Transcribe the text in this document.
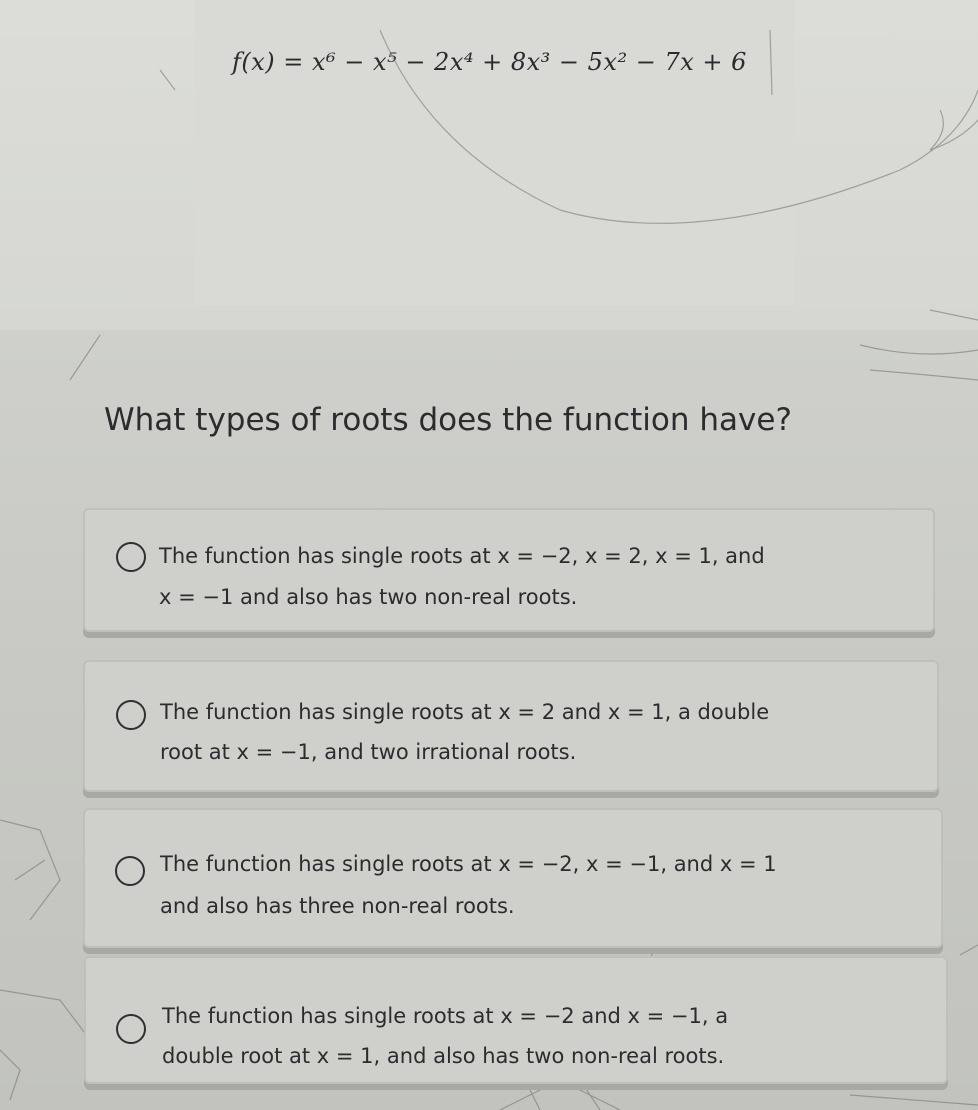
f(x) = x⁶ − x⁵ − 2x⁴ + 8x³ − 5x² − 7x + 6
What types of roots does the function have?
The function has single roots at x = −2, x = 2, x = 1, and
x = −1 and also has two non-real roots.
The function has single roots at x = 2 and x = 1, a double
root at x = −1, and two irrational roots.
The function has single roots at x = −2, x = −1, and x = 1
and also has three non-real roots.
The function has single roots at x = −2 and x = −1, a
double root at x = 1, and also has two non-real roots.
